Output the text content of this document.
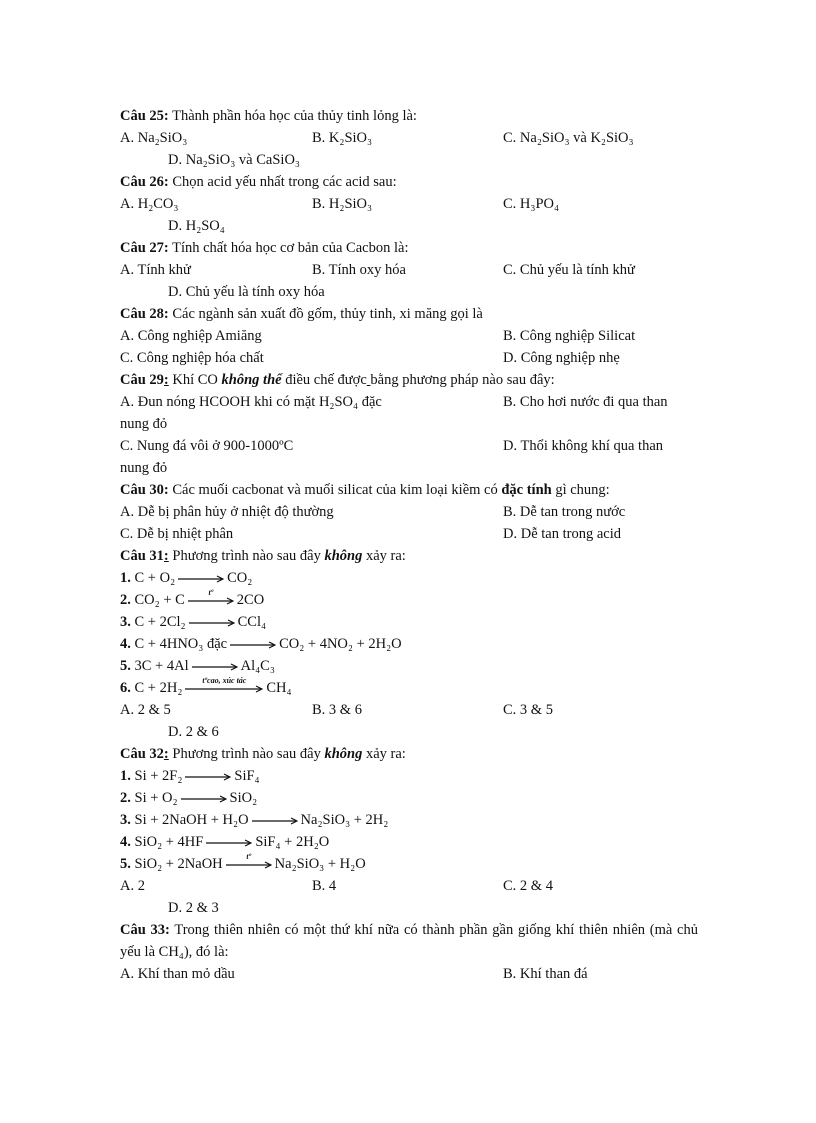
Câu 25: Thành phần hóa học của thủy tinh lỏng là:
A. Na₂SiO₃	B. K₂SiO₃	C. Na₂SiO₃ và K₂SiO₃
D. Na₂SiO₃ và CaSiO₃
Câu 26: Chọn acid yếu nhất trong các acid sau:
A. H₂CO₃	B. H₂SiO₃	C. H₃PO₄
D. H₂SO₄
Câu 27: Tính chất hóa học cơ bản của Cacbon là:
A. Tính khử	B. Tính oxy hóa	C. Chủ yếu là tính khử
D. Chủ yếu là tính oxy hóa
Câu 28: Các ngành sản xuất đồ gốm, thủy tinh, xi măng gọi là
A. Công nghiệp Amiăng	B. Công nghiệp Silicat
C. Công nghiệp hóa chất	D. Công nghiệp nhẹ
Câu 29: Khí CO không thể điều chế được bằng phương pháp nào sau đây:
A. Đun nóng HCOOH khi có mặt H₂SO₄ đặc	B. Cho hơi nước đi qua than
nung đỏ
C. Nung đá vôi ở 900-1000ºC	D. Thổi không khí qua than
nung đỏ
Câu 30: Các muối cacbonat và muối silicat của kim loại kiềm có đặc tính gì chung:
A. Dễ bị phân hủy ở nhiệt độ thường	B. Dễ tan trong nước
C. Dễ bị nhiệt phân	D. Dễ tan trong acid
Câu 31: Phương trình nào sau đây không xảy ra:
1. C + O₂ → CO₂
2. CO₂ + C	tº	2CO
3. C + 2Cl₂ → CCl₄
4. C + 4HNO₃ đặc → CO₂ + 4NO₂ + 2H₂O
5. 3C + 4Al → Al₄C₃
6. C + 2H₂	tºcao, xúc tác	CH₄
A. 2 & 5	B. 3 & 6	C. 3 & 5
D. 2 & 6
Câu 32: Phương trình nào sau đây không xảy ra:
1. Si + 2F₂ → SiF₄
2. Si + O₂ → SiO₂
3. Si + 2NaOH + H₂O → Na₂SiO₃ + 2H₂
4. SiO₂ + 4HF → SiF₄ + 2H₂O
5. SiO₂ + 2NaOH	tº	Na₂SiO₃ + H₂O
A. 2	B. 4	C. 2 & 4
D. 2 & 3
Câu 33: Trong thiên nhiên có một thứ khí nữa có thành phần gần giống khí thiên nhiên (mà chủ yếu là CH₄), đó là:
A. Khí than mỏ dầu	B. Khí than đá
